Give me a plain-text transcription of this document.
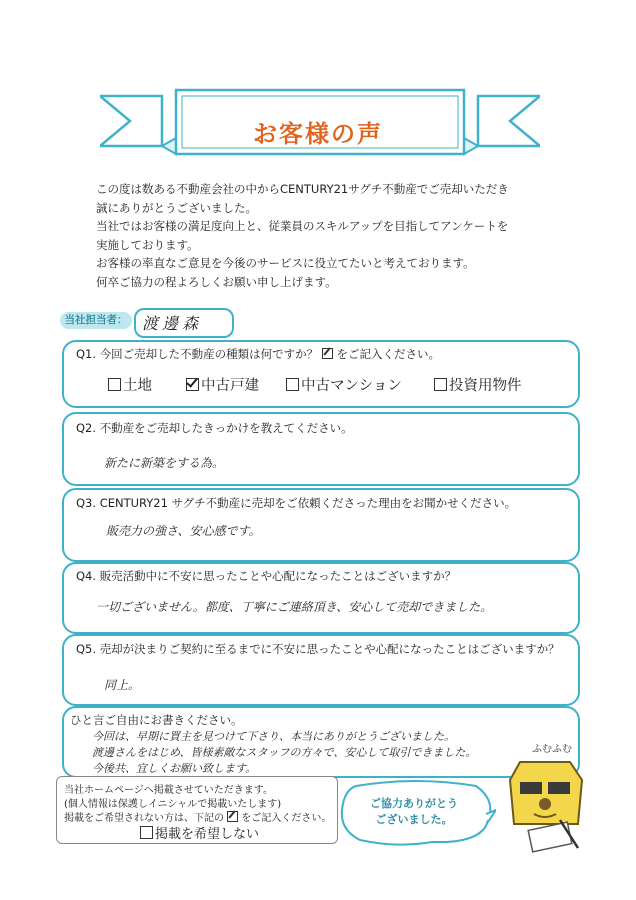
お客様の声
この度は数ある不動産会社の中からCENTURY21サグチ不動産でご売却いただき
誠にありがとうございました。
当社ではお客様の満足度向上と、従業員のスキルアップを目指してアンケートを
実施しております。
お客様の率直なご意見を今後のサービスに役立てたいと考えております。
何卒ご協力の程よろしくお願い申し上げます。
当社担当者： 渡邊森
Q1. 今回ご売却した不動産の種類は何ですか？ をご記入ください。
土地	中古戸建	中古マンション	投資用物件
Q2. 不動産をご売却したきっかけを教えてください。
新たに新築をする為。
Q3. CENTURY21 サグチ不動産に売却をご依頼くださった理由をお聞かせください。
販売力の強さ、安心感です。
Q4. 販売活動中に不安に思ったことや心配になったことはございますか？
一切ございません。都度、丁寧にご連絡頂き、安心して売却できました。
Q5. 売却が決まりご契約に至るまでに不安に思ったことや心配になったことはございますか？
同上。
ひと言ご自由にお書きください。
今回は、早期に買主を見つけて下さり、本当にありがとうございました。
渡邊さんをはじめ、皆様素敵なスタッフの方々で、安心して取引できました。
今後共、宜しくお願い致します。
当社ホームページへ掲載させていただきます。
(個人情報は保護しイニシャルで掲載いたします)
掲載をご希望されない方は、下記の をご記入ください。
掲載を希望しない
ご協力ありがとう
ございました。
ふむふむ
